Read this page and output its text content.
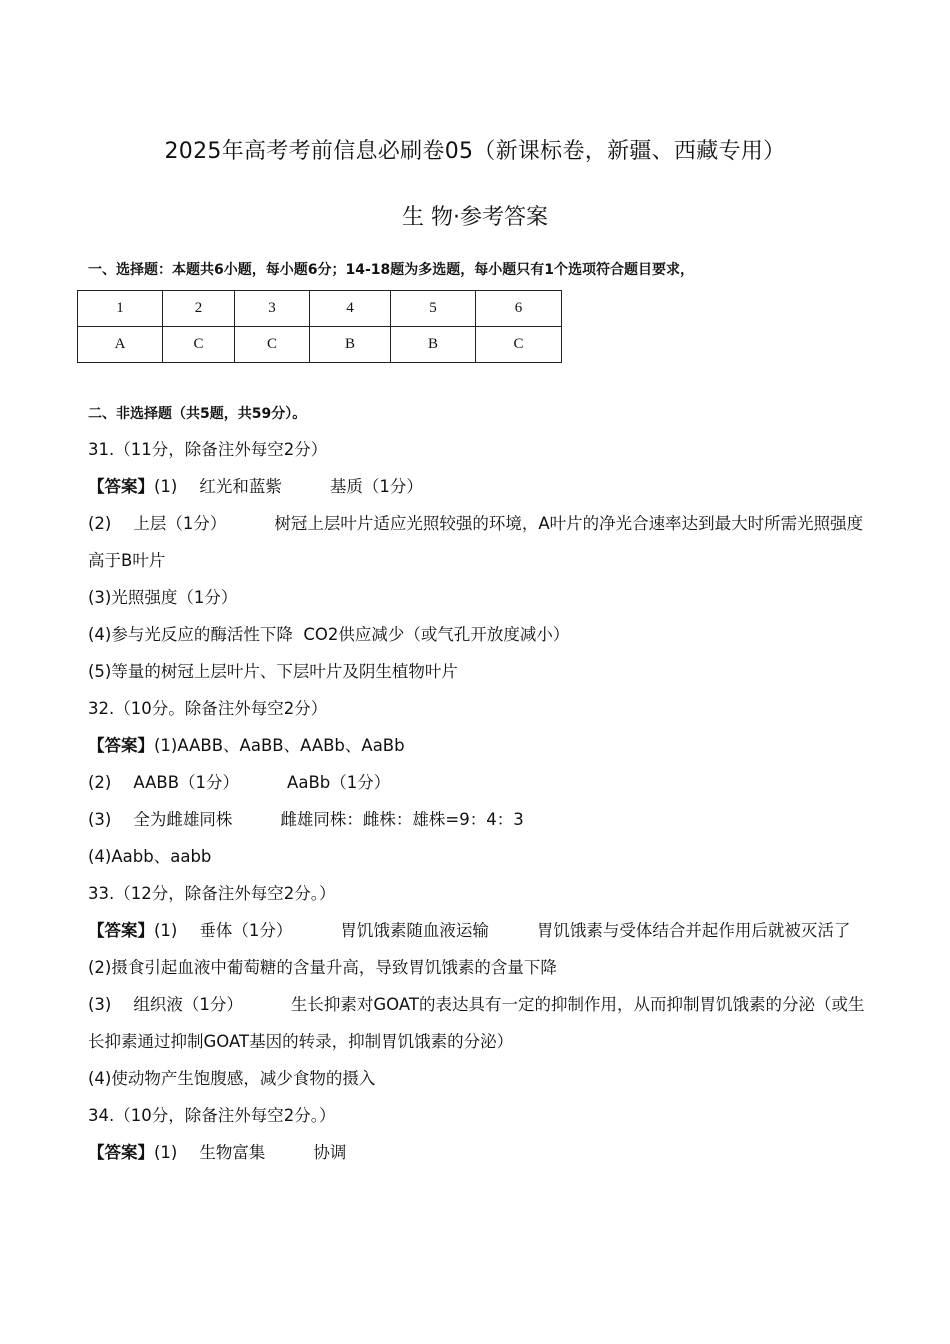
2025年高考考前信息必刷卷05（新课标卷，新疆、西藏专用）
生 物·参考答案
一、选择题：本题共6小题，每小题6分；14-18题为多选题，每小题只有1个选项符合题目要求，
1	2	3	4	5	6
A	C	C	B	B	C
二、非选择题（共5题，共59分）。

31.（11分，除备注外每空2分）

【答案】(1) 红光和蓝紫	基质（1分）

(2) 上层（1分）	树冠上层叶片适应光照较强的环境，A叶片的净光合速率达到最大时所需光照强度高于B叶片

(3)光照强度（1分）

(4)参与光反应的酶活性下降  CO2供应减少（或气孔开放度减小）

(5)等量的树冠上层叶片、下层叶片及阴生植物叶片

32.（10分。除备注外每空2分）

【答案】(1)AABB、AaBB、AABb、AaBb

(2) AABB（1分）	AaBb（1分）

(3) 全为雌雄同株	雌雄同株：雌株：雄株=9：4：3

(4)Aabb、aabb

33.（12分，除备注外每空2分。）

【答案】(1) 垂体（1分）	胃饥饿素随血液运输	胃饥饿素与受体结合并起作用后就被灭活了

(2)摄食引起血液中葡萄糖的含量升高，导致胃饥饿素的含量下降

(3) 组织液（1分）	生长抑素对GOAT的表达具有一定的抑制作用，从而抑制胃饥饿素的分泌（或生长抑素通过抑制GOAT基因的转录，抑制胃饥饿素的分泌）

(4)使动物产生饱腹感，减少食物的摄入

34.（10分，除备注外每空2分。）

【答案】(1) 生物富集	协调
